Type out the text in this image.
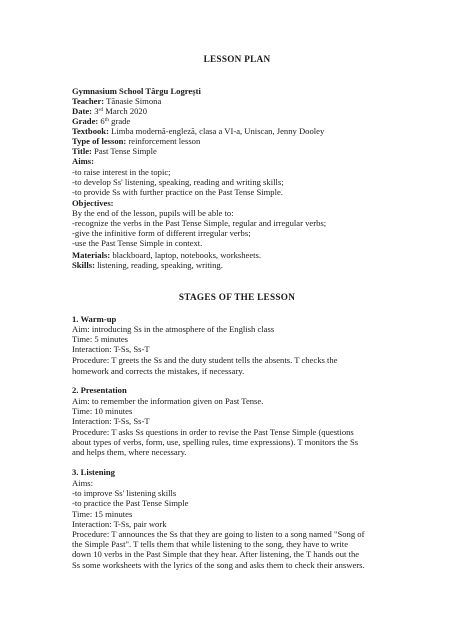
LESSON PLAN
Gymnasium School Târgu Logrești
Teacher: Tănasie Simona
Date: 3rd March 2020
Grade: 6th grade
Textbook: Limba modernă-engleză, clasa a VI-a, Uniscan, Jenny Dooley
Type of lesson: reinforcement lesson
Title: Past Tense Simple
Aims:
-to raise interest in the topic;
-to develop Ss' listening, speaking, reading and writing skills;
-to provide Ss with further practice on the Past Tense Simple.
Objectives:
By the end of the lesson, pupils will be able to:
-recognize the verbs in the Past Tense Simple, regular and irregular verbs;
-give the infinitive form of different irregular verbs;
-use the Past Tense Simple in context.
Materials: blackboard, laptop, notebooks, worksheets.
Skills: listening, reading, speaking, writing.
STAGES OF THE LESSON
1. Warm-up
Aim: introducing Ss in the atmosphere of the English class
Time: 5 minutes
Interaction: T-Ss, Ss-T
Procedure: T greets the Ss and the duty student tells the absents. T checks the
homework and corrects the mistakes, if necessary.
2. Presentation
Aim: to remember the information given on Past Tense.
Time: 10 minutes
Interaction: T-Ss, Ss-T
Procedure: T asks Ss questions in order to revise the Past Tense Simple (questions
about types of verbs, form, use, spelling rules, time expressions). T monitors the Ss
and helps them, where necessary.
3. Listening
Aims:
-to improve Ss' listening skills
-to practice the Past Tense Simple
Time: 15 minutes
Interaction: T-Ss, pair work
Procedure: T announces the Ss that they are going to listen to a song named "Song of
the Simple Past". T tells them that while listening to the song, they have to write
down 10 verbs in the Past Simple that they hear. After listening, the T hands out the
Ss some worksheets with the lyrics of the song and asks them to check their answers.
